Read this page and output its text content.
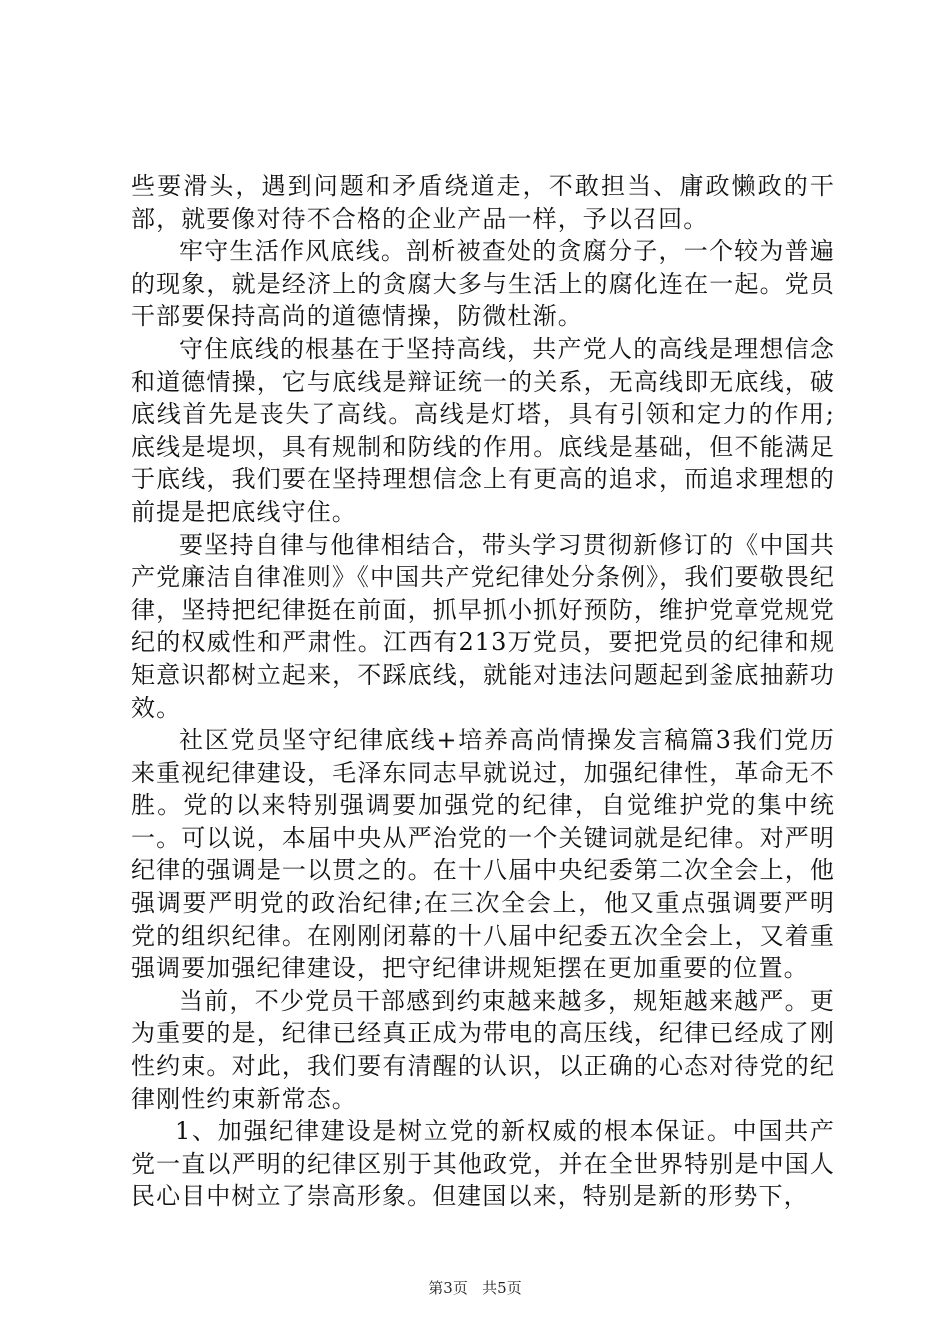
些要滑头，遇到问题和矛盾绕道走，不敢担当、庸政懒政的干部，就要像对待不合格的企业产品一样，予以召回。

牢守生活作风底线。剖析被查处的贪腐分子，一个较为普遍的现象，就是经济上的贪腐大多与生活上的腐化连在一起。党员干部要保持高尚的道德情操，防微杜渐。

守住底线的根基在于坚持高线，共产党人的高线是理想信念和道德情操，它与底线是辩证统一的关系，无高线即无底线，破底线首先是丧失了高线。高线是灯塔，具有引领和定力的作用;底线是堤坝，具有规制和防线的作用。底线是基础，但不能满足于底线，我们要在坚持理想信念上有更高的追求，而追求理想的前提是把底线守住。

要坚持自律与他律相结合，带头学习贯彻新修订的《中国共产党廉洁自律准则》《中国共产党纪律处分条例》，我们要敬畏纪律，坚持把纪律挺在前面，抓早抓小抓好预防，维护党章党规党纪的权威性和严肃性。江西有213万党员，要把党员的纪律和规矩意识都树立起来，不踩底线，就能对违法问题起到釜底抽薪功效。

社区党员坚守纪律底线+培养高尚情操发言稿篇3我们党历来重视纪律建设，毛泽东同志早就说过，加强纪律性，革命无不胜。党的以来特别强调要加强党的纪律，自觉维护党的集中统一。可以说，本届中央从严治党的一个关键词就是纪律。对严明纪律的强调是一以贯之的。在十八届中央纪委第二次全会上，他强调要严明党的政治纪律;在三次全会上，他又重点强调要严明党的组织纪律。在刚刚闭幕的十八届中纪委五次全会上，又着重强调要加强纪律建设，把守纪律讲规矩摆在更加重要的位置。

当前，不少党员干部感到约束越来越多，规矩越来越严。更为重要的是，纪律已经真正成为带电的高压线，纪律已经成了刚性约束。对此，我们要有清醒的认识，以正确的心态对待党的纪律刚性约束新常态。

1、加强纪律建设是树立党的新权威的根本保证。中国共产党一直以严明的纪律区别于其他政党，并在全世界特别是中国人民心目中树立了崇高形象。但建国以来，特别是新的形势下，

第3页 共5页
